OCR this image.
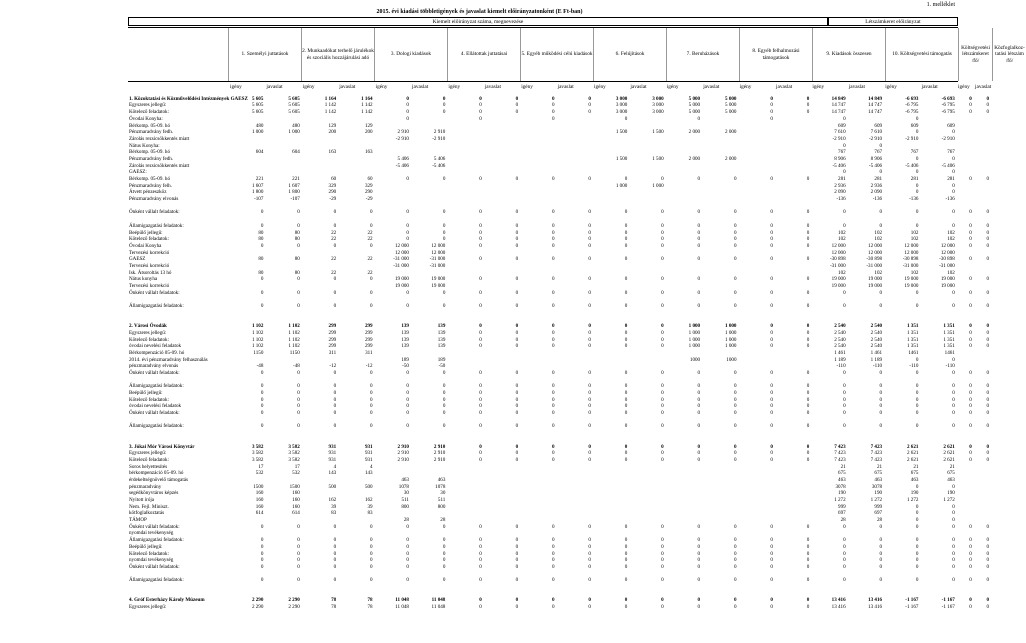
1. melléklet
2015. évi kiadási többletigények és javaslat kiemelt előirányzatonként (E Ft-ban)
Kiemelt előirányzat száma, megnevezése	Létszámkeret előirányzat
1. Személyi juttatások
2. Munkaadókat terhelő járulékok és szociális hozzájárulási adó
3. Dologi kiadások	4. Ellátottak juttatásai	5. Egyéb működési célú kiadások	6. Felújítások	7. Beruházások
8. Egyéb felhalmozási támogatások
9. Kiadások összesen	10. Költségvetési támogatás
Költségvetési létszámkeret /fő/
Közfoglalkoz-tatási létszám /fő/
igény	javaslat	igény	javaslat	igény	javaslat	igény	javaslat	igény	javaslat	igény	javaslat	igény	javaslat	igény	javaslat	igény	javaslat	igény	javaslat	igény javaslat
1. Közoktatási és Közművelődési Intézmények GAESZ	5 605	5 605	1 164	1 164	0	0	0	0	0	0	3 000	3 000	5 000	5 000	0	0	14 849	14 849	-6 693	-6 693	0	0
Egyszeres jellegű:	5 605	5 605	1 142	1 142	0	0	0	0	0	0	3 000	3 000	5 000	5 000	0	0	14 747	14 747	-6 795	-6 795	0	0
Kötelező feladatok:	5 605	5 605	1 142	1 142	0	0	0	0	0	0	3 000	3 000	5 000	5 000	0	0	14 747	14 747	-6 795	-6 795	0	0
Óvodai Konyha:					0		0		0		0		0		0		0		0			
Bérkomp. 05-09. hó	480	480	129	129													609	609	609	609		
Pénzmaradvány fedh.	1 000	1 000	200	200	2 910	2 910					1 500	1 500	2 000	2 000			7 610	7 610	0	0		
Zárolás rezsicsökkentés miatt					-2 910	-2 910											-2 910	-2 910	-2 910	-2 910		
Nátus Konyha:																	0	0				
Bérkomp. 05-09. hó	604	604	163	163													767	767	767	767		
Pénzmaradvány fedh.					5 406	5 406					1 500	1 500	2 000	2 000			8 906	8 906	0	0		
Zárolás rezsicsökkentés miatt					-5 406	-5 406											-5 406	-5 406	-5 406	-5 406		
GAESZ:																	0	0	0	0		
Bérkomp. 05-09. hó	221	221	60	60	0	0	0	0	0	0	0	0	0	0	0	0	281	281	281	281	0	0
Pénzmaradvány felh.	1 607	1 607	329	329							1 000	1 000					2 936	2 936	0	0		
Átvett pénzeszköz	1 800	1 800	290	290													2 090	2 090	0	0		
Pénzmaradvány elvonás	-107	-107	-29	-29													-136	-136	-136	-136		

Önként vállalt feladatok:	0	0	0	0	0	0	0	0	0	0	0	0	0	0	0	0	0	0	0	0	0	0

Államigazgatási feladatok:	0	0	0	0	0	0	0	0	0	0	0	0	0	0	0	0	0	0	0	0	0	0
Beépülő jellegű:	80	80	22	22	0	0	0	0	0	0	0	0	0	0	0	0	102	102	102	102	0	0
Kötelező feladatok:	80	80	22	22	0	0	0	0	0	0	0	0	0	0	0	0	102	102	102	102	0	0
Óvodai Konyha	0	0	0	0	12 000	12 000	0	0	0	0	0	0	0	0	0	0	12 000	12 000	12 000	12 000	0	0
Tervezési korrekció					12 000	12 000											12 000	12 000	12 000	12 000		
GAESZ	80	80	22	22	-31 000	-31 000	0	0	0	0	0	0	0	0	0	0	-30 898	-30 898	-30 898	-30 898	0	0
Tervezési korrekció					-31 000	-31 000											-31 000	-31 000	-31 000	-31 000		
Isk. Átsoroltás 13 hó	80	80	22	22													102	102	102	102		
Nátus konyha	0	0	0	0	19 000	19 000	0	0	0	0	0	0	0	0	0	0	19 000	19 000	19 000	19 000	0	0
Tervezési korrekció					19 000	19 000											19 000	19 000	19 000	19 000		
Önként vállalt feladatok:	0	0	0	0	0	0	0	0	0	0	0	0	0	0	0	0	0	0	0	0	0	0

Államigazgatási feladatok:	0	0	0	0	0	0	0	0	0	0	0	0	0	0	0	0	0	0	0	0	0	0

2. Városi Óvodák	1 102	1 102	299	299	139	139	0	0	0	0	0	0	1 000	1 000	0	0	2 540	2 540	1 351	1 351	0	0
Egyszeres jellegű:	1 102	1 102	299	299	139	139	0	0	0	0	0	0	1 000	1 000	0	0	2 540	2 540	1 351	1 351	0	0
Kötelező feladatok:	1 102	1 102	299	299	139	139	0	0	0	0	0	0	1 000	1 000	0	0	2 540	2 540	1 351	1 351	0	0
óvodai nevelési feladatok	1 102	1 102	299	299	139	139	0	0	0	0	0	0	1 000	1 000	0	0	2 540	2 540	1 351	1 351	0	0
Bérkompenzáció 05-09. hó	1150	1150	311	311													1 461	1 461	1461	1461		
2014. évi pénzmaradvány felhasználás					189	189							1000	1000			1 189	1 189	0	0		
pénzmaradvány elvonás	-48	-48	-12	-12	-50	-50											-110	-110	-110	-110		
Önként vállalt feladatok:	0	0	0	0	0	0	0	0	0	0	0	0	0	0	0	0	0	0	0	0	0	0

Államigazgatási feladatok:	0	0	0	0	0	0	0	0	0	0	0	0	0	0	0	0	0	0	0	0	0	0
Beépülő jellegű:	0	0	0	0	0	0	0	0	0	0	0	0	0	0	0	0	0	0	0	0	0	0
Kötelező feladatok:	0	0	0	0	0	0	0	0	0	0	0	0	0	0	0	0	0	0	0	0	0	0
óvodai nevelési feladatok	0	0	0	0	0	0	0	0	0	0	0	0	0	0	0	0	0	0	0	0	0	0
Önként vállalt feladatok:	0	0	0	0	0	0	0	0	0	0	0	0	0	0	0	0	0	0	0	0	0	0

Államigazgatási feladatok:	0	0	0	0	0	0	0	0	0	0	0	0	0	0	0	0	0	0	0	0	0	0

3. Jókai Mór Városi Könyvtár	3 582	3 582	931	931	2 910	2 910	0	0	0	0	0	0	0	0	0	0	7 423	7 423	2 621	2 621	0	0
Egyszeres jellegű:	3 582	3 582	931	931	2 910	2 910	0	0	0	0	0	0	0	0	0	0	7 423	7 423	2 621	2 621	0	0
Kötelező feladatok:	3 582	3 582	931	931	2 910	2 910	0	0	0	0	0	0	0	0	0	0	7 423	7 423	2 621	2 621	0	0
Soros helyettesítés	17	17	4	4													21	21	21	21		
bérkompenzáció 05-09. hó	532	532	143	143													675	675	675	675		
érdekeltségnövelő támogatás					463	463											463	463	463	463		
pénzmaradvány	1500	1500	500	500	1078	1078											3078	3078	0	0		
segédkönyvtáros képzés	160	160			30	30											190	190	190	190		
Nyitott írója	160	160	162	162	511	511											1 272	1 272	1 272	1 272		
Nem. Fejl. Miniszt.	160	160	39	39	800	800											999	999	0	0		
kötfoglalkoztatás	614	614	83	83													697	697	0	0		
TÁMOP					28	28											28	28	0	0		
Önként vállalt feladatok:	0	0	0	0	0	0	0	0	0	0	0	0	0	0	0	0	0	0	0	0	0	0
nyomdai tevékenység																						
Államigazgatási feladatok:	0	0	0	0	0	0	0	0	0	0	0	0	0	0	0	0	0	0	0	0	0	0
Beépülő jellegű:	0	0	0	0	0	0	0	0	0	0	0	0	0	0	0	0	0	0	0	0	0	0
Kötelező feladatok:	0	0	0	0	0	0	0	0	0	0	0	0	0	0	0	0	0	0	0	0	0	0
nyomdai tevékenység	0	0	0	0	0	0	0	0	0	0	0	0	0	0	0	0	0	0	0	0	0	0
Önként vállalt feladatok:	0	0	0	0	0	0	0	0	0	0	0	0	0	0	0	0	0	0	0	0	0	0

Államigazgatási feladatok:	0	0	0	0	0	0	0	0	0	0	0	0	0	0	0	0	0	0	0	0	0	0

4. Gróf Esterházy Károly Múzeum	2 290	2 290	78	78	11 048	11 048	0	0	0	0	0	0	0	0	0	0	13 416	13 416	-1 167	-1 167	0	0
Egyszeres jellegű:	2 290	2 290	78	78	11 048	11 048	0	0	0	0	0	0	0	0	0	0	13 416	13 416	-1 167	-1 167	0	0
